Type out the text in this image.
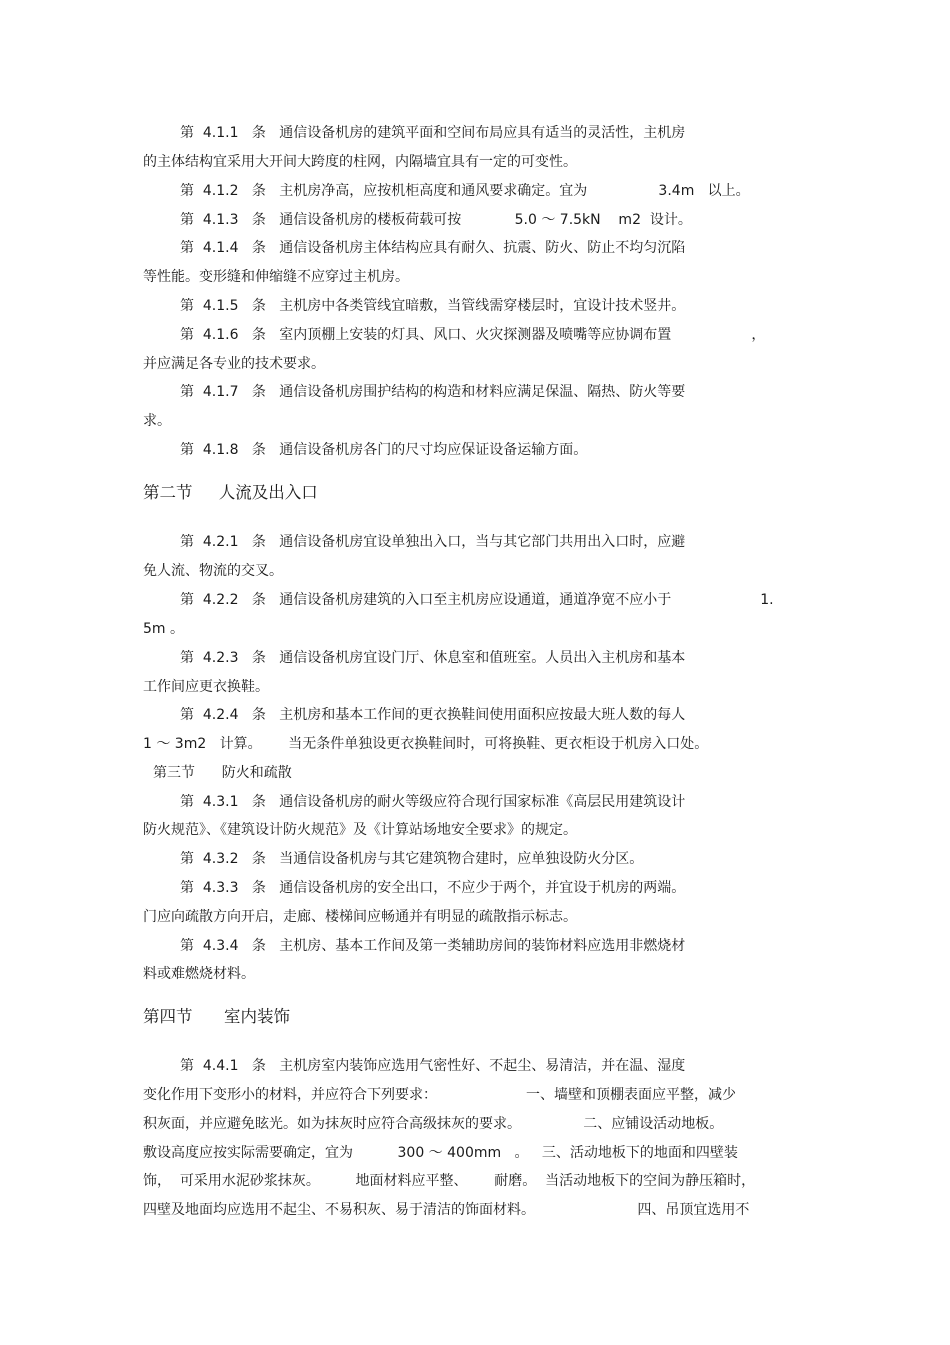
第  4.1.1   条   通信设备机房的建筑平面和空间布局应具有适当的灵活性，主机房
的主体结构宜采用大开间大跨度的柱网，内隔墙宜具有一定的可变性。
第  4.1.2   条   主机房净高，应按机柜高度和通风要求确定。宜为                3.4m   以上。
第  4.1.3   条   通信设备机房的楼板荷载可按            5.0 ～ 7.5kN    m2  设计。
第  4.1.4   条   通信设备机房主体结构应具有耐久、抗震、防火、防止不均匀沉陷
等性能。变形缝和伸缩缝不应穿过主机房。
第  4.1.5   条   主机房中各类管线宜暗敷，当管线需穿楼层时，宜设计技术竖井。
第  4.1.6   条   室内顶棚上安装的灯具、风口、火灾探测器及喷嘴等应协调布置                  ，
并应满足各专业的技术要求。
第  4.1.7   条   通信设备机房围护结构的构造和材料应满足保温、隔热、防火等要
求。
第  4.1.8   条   通信设备机房各门的尺寸均应保证设备运输方面。
第二节     人流及出入口
第  4.2.1   条   通信设备机房宜设单独出入口，当与其它部门共用出入口时，应避
免人流、物流的交叉。
第  4.2.2   条   通信设备机房建筑的入口至主机房应设通道，通道净宽不应小于                    1.
5m 。
第  4.2.3   条   通信设备机房宜设门厅、休息室和值班室。人员出入主机房和基本
工作间应更衣换鞋。
第  4.2.4   条   主机房和基本工作间的更衣换鞋间使用面积应按最大班人数的每人
1 ～ 3m2   计算。      当无条件单独设更衣换鞋间时，可将换鞋、更衣柜设于机房入口处。
第三节      防火和疏散
第  4.3.1   条   通信设备机房的耐火等级应符合现行国家标准《高层民用建筑设计
防火规范》、《建筑设计防火规范》及《计算站场地安全要求》的规定。
第  4.3.2   条   当通信设备机房与其它建筑物合建时，应单独设防火分区。
第  4.3.3   条   通信设备机房的安全出口，不应少于两个，并宜设于机房的两端。
门应向疏散方向开启，走廊、楼梯间应畅通并有明显的疏散指示标志。
第  4.3.4   条   主机房、基本工作间及第一类辅助房间的装饰材料应选用非燃烧材
料或难燃烧材料。
第四节      室内装饰
第  4.4.1   条   主机房室内装饰应选用气密性好、不起尘、易清洁，并在温、湿度
变化作用下变形小的材料，并应符合下列要求：                    一、墙壁和顶棚表面应平整，减少
积灰面，并应避免眩光。如为抹灰时应符合高级抹灰的要求。              二、应铺设活动地板。
敷设高度应按实际需要确定，宜为          300 ～ 400mm   。   三、活动地板下的地面和四壁装
饰，  可采用水泥砂浆抹灰。        地面材料应平整、      耐磨。  当活动地板下的空间为静压箱时，
四壁及地面均应选用不起尘、不易积灰、易于清洁的饰面材料。                       四、吊顶宜选用不
